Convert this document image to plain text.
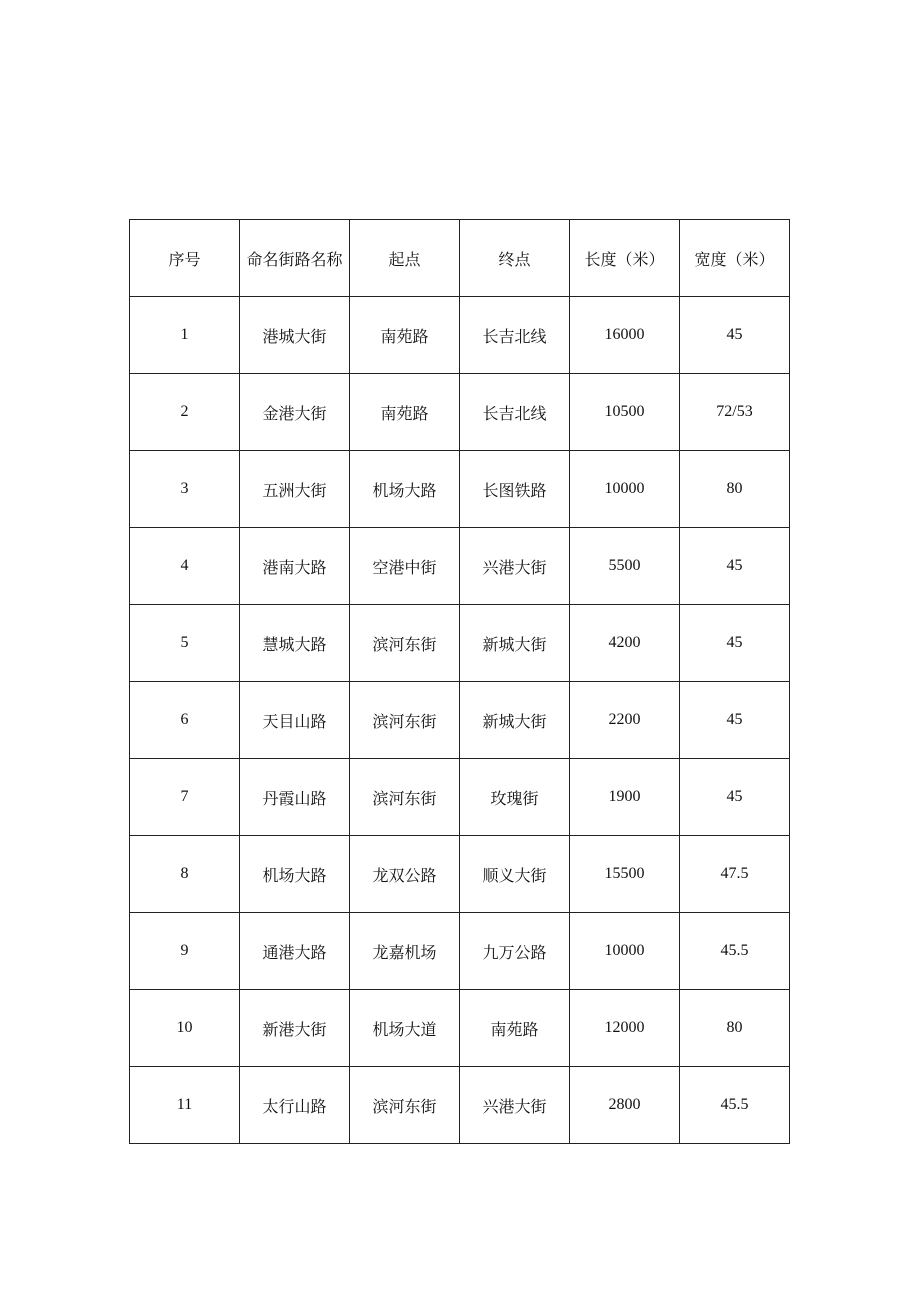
序号	命名街路名称	起点	终点	长度（米）	宽度（米）
1	港城大街	南苑路	长吉北线	16000	45
2	金港大街	南苑路	长吉北线	10500	72/53
3	五洲大街	机场大路	长图铁路	10000	80
4	港南大路	空港中街	兴港大街	5500	45
5	慧城大路	滨河东街	新城大街	4200	45
6	天目山路	滨河东街	新城大街	2200	45
7	丹霞山路	滨河东街	玫瑰街	1900	45
8	机场大路	龙双公路	顺义大街	15500	47.5
9	通港大路	龙嘉机场	九万公路	10000	45.5
10	新港大街	机场大道	南苑路	12000	80
11	太行山路	滨河东街	兴港大街	2800	45.5
